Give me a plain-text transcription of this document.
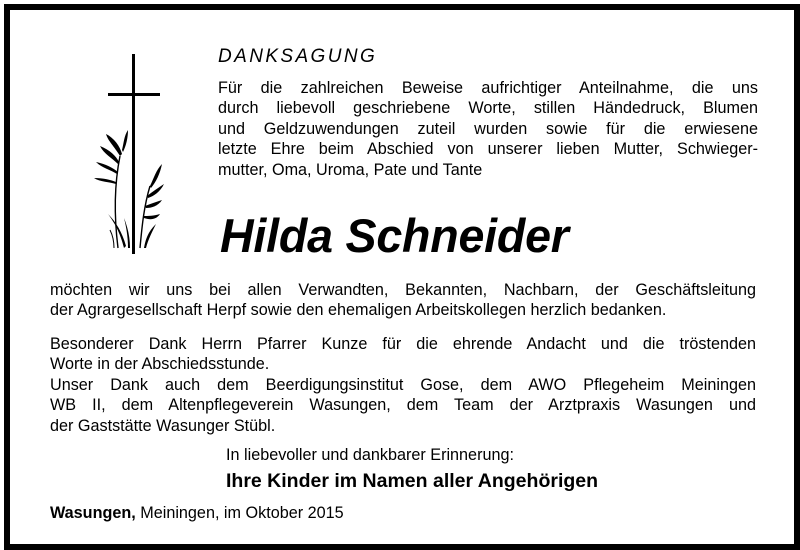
DANKSAGUNG
Für die zahlreichen Beweise aufrichtiger Anteilnahme, die uns
durch liebevoll geschriebene Worte, stillen Händedruck, Blumen
und Geldzuwendungen zuteil wurden sowie für die erwiesene
letzte Ehre beim Abschied von unserer lieben Mutter, Schwieger-
mutter, Oma, Uroma, Pate und Tante
Hilda Schneider
möchten wir uns bei allen Verwandten, Bekannten, Nachbarn, der Geschäftsleitung
der Agrargesellschaft Herpf sowie den ehemaligen Arbeitskollegen herzlich bedanken.
Besonderer Dank Herrn Pfarrer Kunze für die ehrende Andacht und die tröstenden
Worte in der Abschiedsstunde.
Unser Dank auch dem Beerdigungsinstitut Gose, dem AWO Pflegeheim Meiningen
WB II, dem Altenpflegeverein Wasungen, dem Team der Arztpraxis Wasungen und
der Gaststätte Wasunger Stübl.
In liebevoller und dankbarer Erinnerung:
Ihre Kinder im Namen aller Angehörigen
Wasungen, Meiningen, im Oktober 2015
